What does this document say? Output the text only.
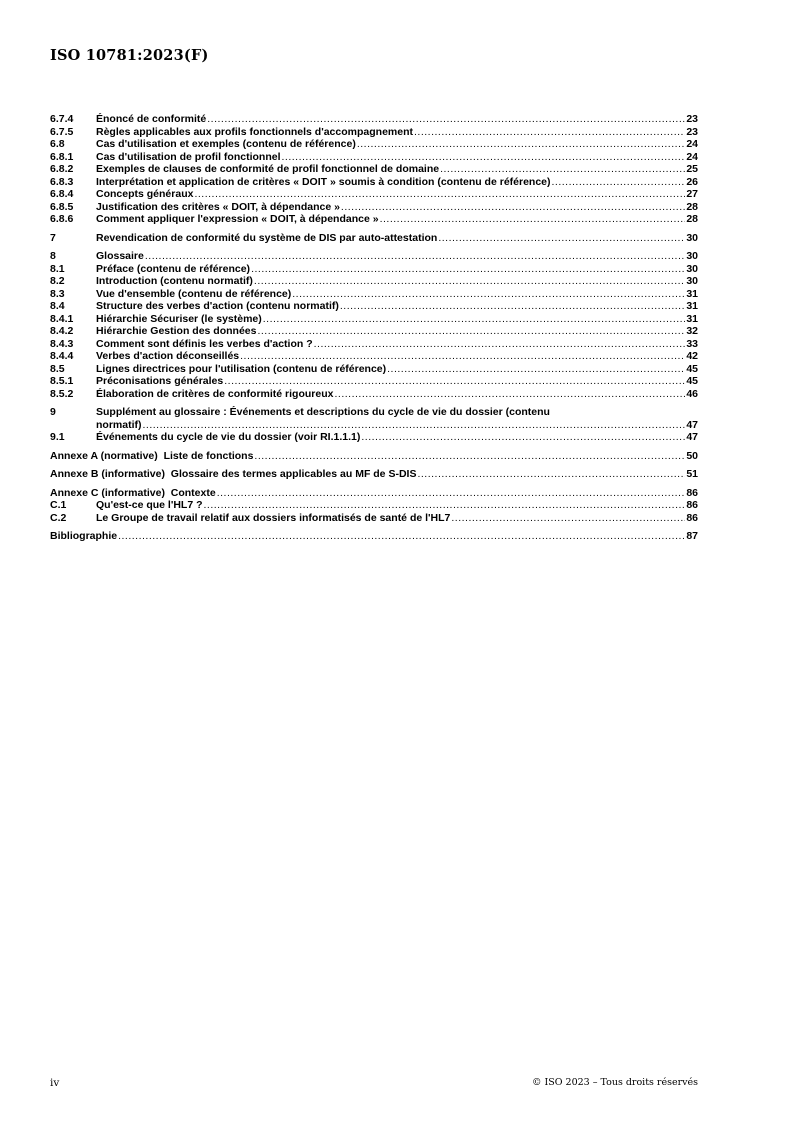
ISO 10781:2023(F)
6.7.4	Énoncé de conformité .....	23
6.7.5	Règles applicables aux profils fonctionnels d'accompagnement .....	23
6.8	Cas d'utilisation et exemples (contenu de référence) .....	24
6.8.1	Cas d'utilisation de profil fonctionnel .....	24
6.8.2	Exemples de clauses de conformité de profil fonctionnel de domaine .....	25
6.8.3	Interprétation et application de critères « DOIT » soumis à condition (contenu de référence) .....	26
6.8.4	Concepts généraux .....	27
6.8.5	Justification des critères « DOIT, à dépendance » .....	28
6.8.6	Comment appliquer l'expression « DOIT, à dépendance » .....	28
7	Revendication de conformité du système de DIS par auto-attestation .....	30
8	Glossaire .....	30
8.1	Préface (contenu de référence) .....	30
8.2	Introduction (contenu normatif) .....	30
8.3	Vue d'ensemble (contenu de référence) .....	31
8.4	Structure des verbes d'action (contenu normatif) .....	31
8.4.1	Hiérarchie Sécuriser (le système) .....	31
8.4.2	Hiérarchie Gestion des données .....	32
8.4.3	Comment sont définis les verbes d'action ? .....	33
8.4.4	Verbes d'action déconseillés .....	42
8.5	Lignes directrices pour l'utilisation (contenu de référence) .....	45
8.5.1	Préconisations générales .....	45
8.5.2	Élaboration de critères de conformité rigoureux .....	46
9	Supplément au glossaire : Événements et descriptions du cycle de vie du dossier (contenu
normatif) .....	47
9.1	Événements du cycle de vie du dossier (voir RI.1.1.1) .....	47
Annexe A (normative)  Liste de fonctions .....	50
Annexe B (informative)  Glossaire des termes applicables au MF de S-DIS .....	51
Annexe C (informative)  Contexte .....	86
C.1	Qu'est-ce que l'HL7 ? .....	86
C.2	Le Groupe de travail relatif aux dossiers informatisés de santé de l'HL7 .....	86
Bibliographie .....	87
iv	© ISO 2023 – Tous droits réservés
